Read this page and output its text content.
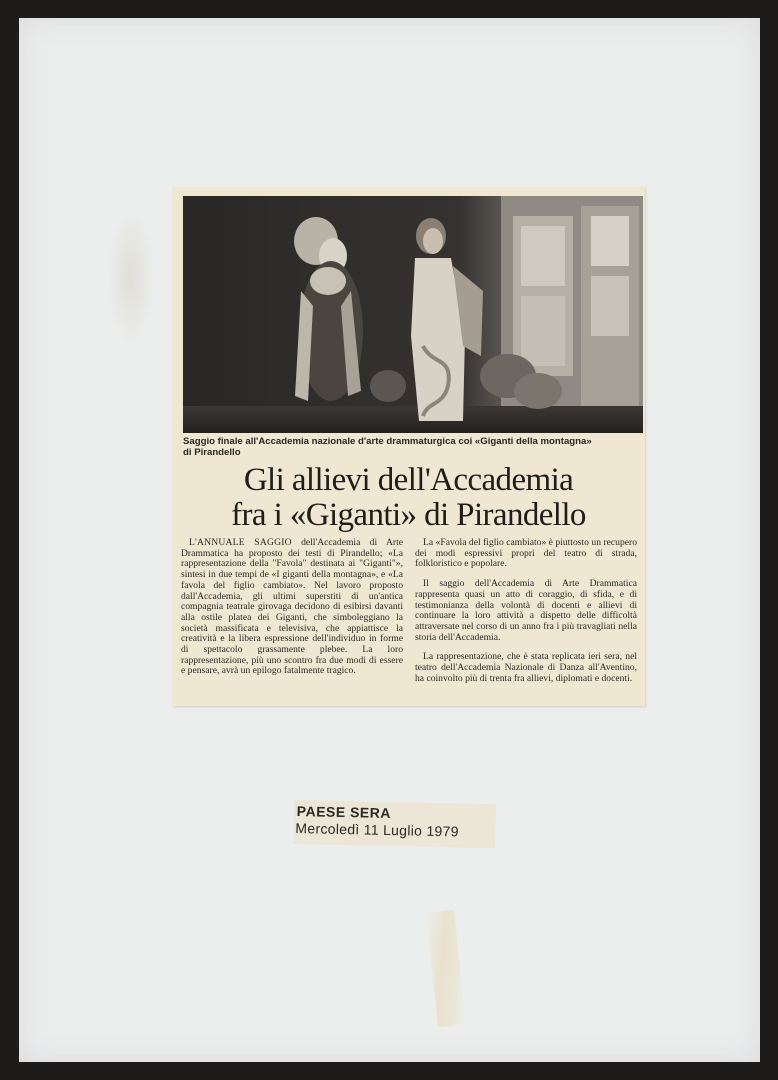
Saggio finale all'Accademia nazionale d'arte drammaturgica coi «Giganti della montagna»
di Pirandello
Gli allievi dell'Accademia
fra i «Giganti» di Pirandello

L'ANNUALE SAGGIO dell'Accademia di Arte Drammatica ha proposto dei testi di Pirandello; «La rappresentazione della "Favola" destinata ai "Giganti"», sintesi in due tempi de «I giganti della montagna», e «La favola del figlio cambiato». Nel lavoro proposto dall'Accademia, gli ultimi superstiti di un'antica compagnia teatrale girovaga decidono di esibirsi davanti alla ostile platea dei Giganti, che simboleggiano la società massificata e televisiva, che appiattisce la creatività e la libera espressione dell'individuo in forme di spettacolo grassamente plebee. La loro rappresentazione, più uno scontro fra due modi di essere e pensare, avrà un epilogo fatalmente tragico.

La «Favola del figlio cambiato» è piuttosto un recupero dei modi espressivi propri del teatro di strada, folkloristico e popolare.

Il saggio dell'Accademia di Arte Drammatica rappresenta quasi un atto di coraggio, di sfida, e di testimonianza della volontà di docenti e allievi di continuare la loro attività a dispetto delle difficoltà attraversate nel corso di un anno fra i più travagliati nella storia dell'Accademia.

La rappresentazione, che è stata replicata ieri sera, nel teatro dell'Accademia Nazionale di Danza all'Aventino, ha coinvolto più di trenta fra allievi, diplomati e docenti.

PAESE SERA
Mercoledì 11 Luglio 1979
